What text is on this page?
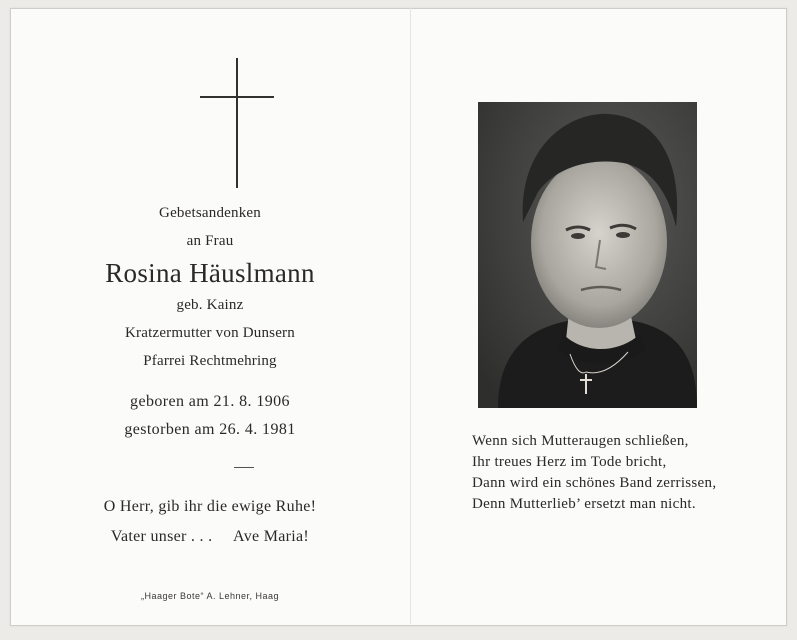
Gebetsandenken
an Frau
Rosina Häuslmann
geb. Kainz
Kratzermutter von Dunsern
Pfarrei Rechtmehring
geboren am 21. 8. 1906
gestorben am 26. 4. 1981
O Herr, gib ihr die ewige Ruhe!
Vater unser . . .     Ave Maria!
„Haager Bote“ A. Lehner, Haag
Wenn sich Mutteraugen schließen,
Ihr treues Herz im Tode bricht,
Dann wird ein schönes Band zerrissen,
Denn Mutterlieb’ ersetzt man nicht.
